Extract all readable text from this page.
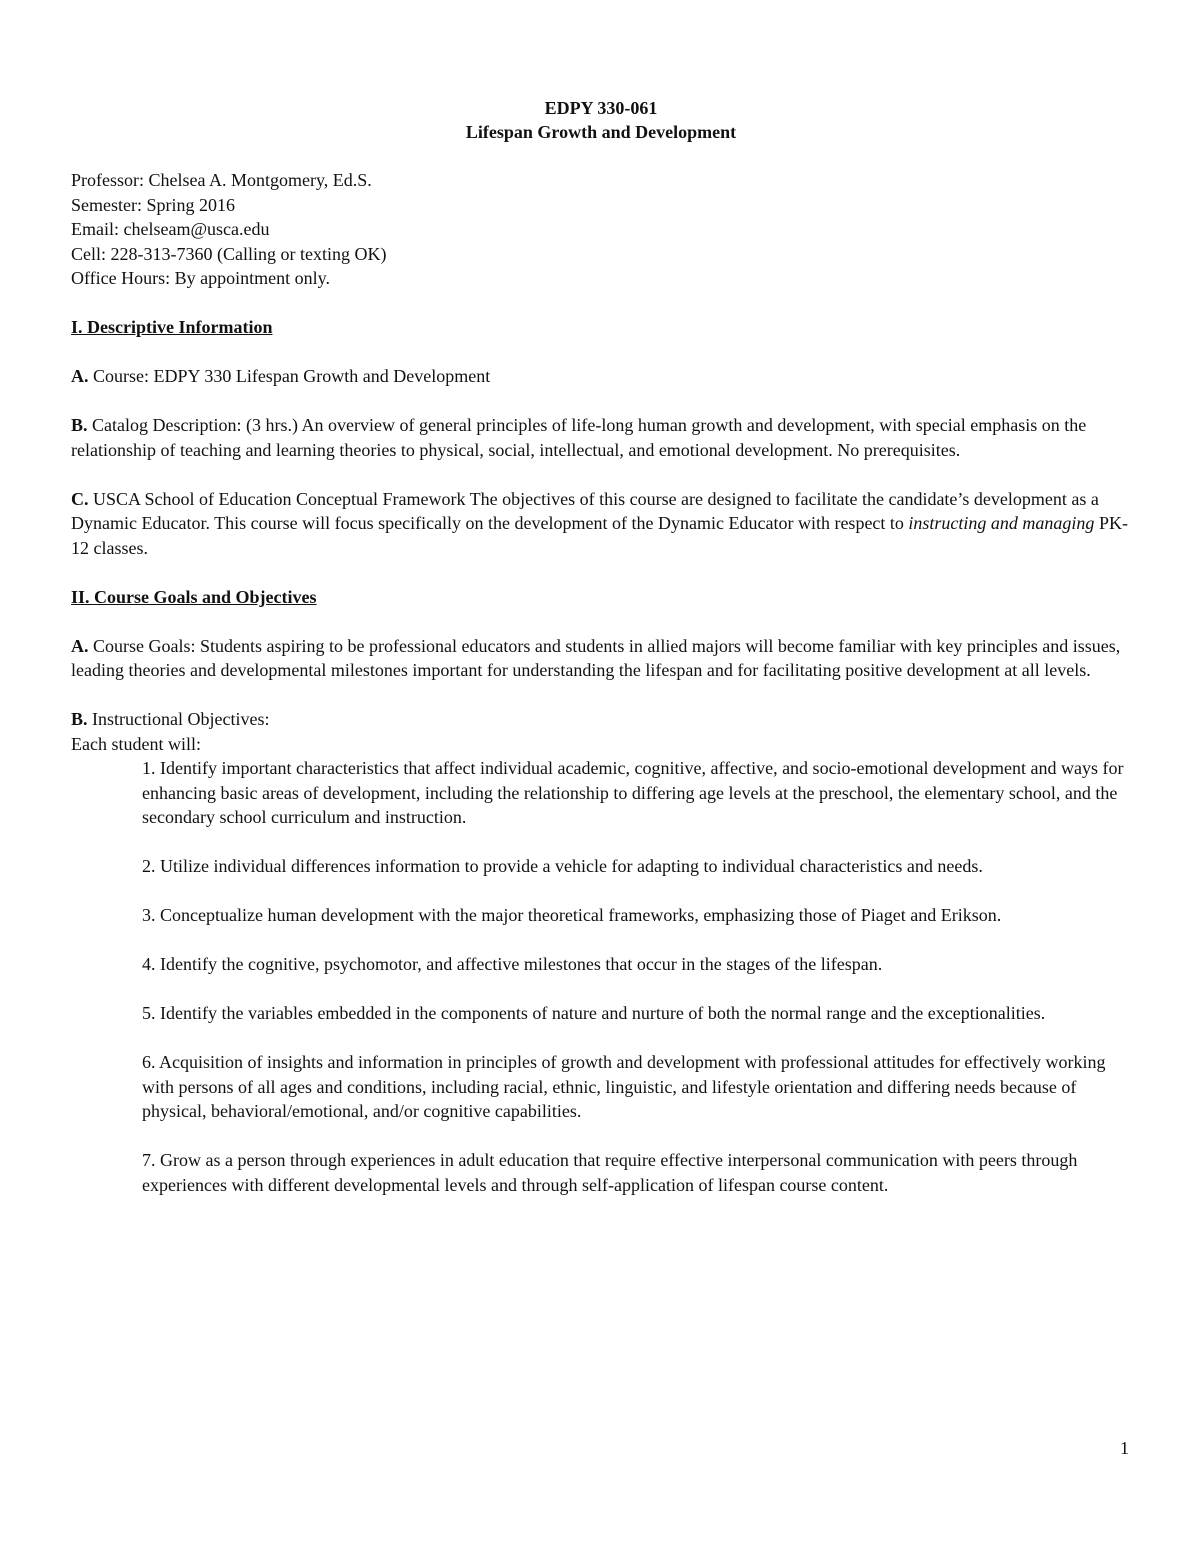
EDPY 330-061
Lifespan Growth and Development
Professor: Chelsea A. Montgomery, Ed.S.
Semester: Spring 2016
Email: chelseam@usca.edu
Cell: 228-313-7360 (Calling or texting OK)
Office Hours: By appointment only.
I. Descriptive Information

A. Course: EDPY 330 Lifespan Growth and Development

B. Catalog Description: (3 hrs.) An overview of general principles of life-long human growth and development, with special emphasis on the relationship of teaching and learning theories to physical, social, intellectual, and emotional development. No prerequisites.

C. USCA School of Education Conceptual Framework The objectives of this course are designed to facilitate the candidate’s development as a Dynamic Educator. This course will focus specifically on the development of the Dynamic Educator with respect to instructing and managing PK-12 classes.

II. Course Goals and Objectives

A. Course Goals: Students aspiring to be professional educators and students in allied majors will become familiar with key principles and issues, leading theories and developmental milestones important for understanding the lifespan and for facilitating positive development at all levels.

B. Instructional Objectives:

Each student will:

1. Identify important characteristics that affect individual academic, cognitive, affective, and socio-emotional development and ways for enhancing basic areas of development, including the relationship to differing age levels at the preschool, the elementary school, and the secondary school curriculum and instruction.

2. Utilize individual differences information to provide a vehicle for adapting to individual characteristics and needs.

3. Conceptualize human development with the major theoretical frameworks, emphasizing those of Piaget and Erikson.

4. Identify the cognitive, psychomotor, and affective milestones that occur in the stages of the lifespan.

5. Identify the variables embedded in the components of nature and nurture of both the normal range and the exceptionalities.

6. Acquisition of insights and information in principles of growth and development with professional attitudes for effectively working with persons of all ages and conditions, including racial, ethnic, linguistic, and lifestyle orientation and differing needs because of physical, behavioral/emotional, and/or cognitive capabilities.

7. Grow as a person through experiences in adult education that require effective interpersonal communication with peers through experiences with different developmental levels and through self-application of lifespan course content.

1
